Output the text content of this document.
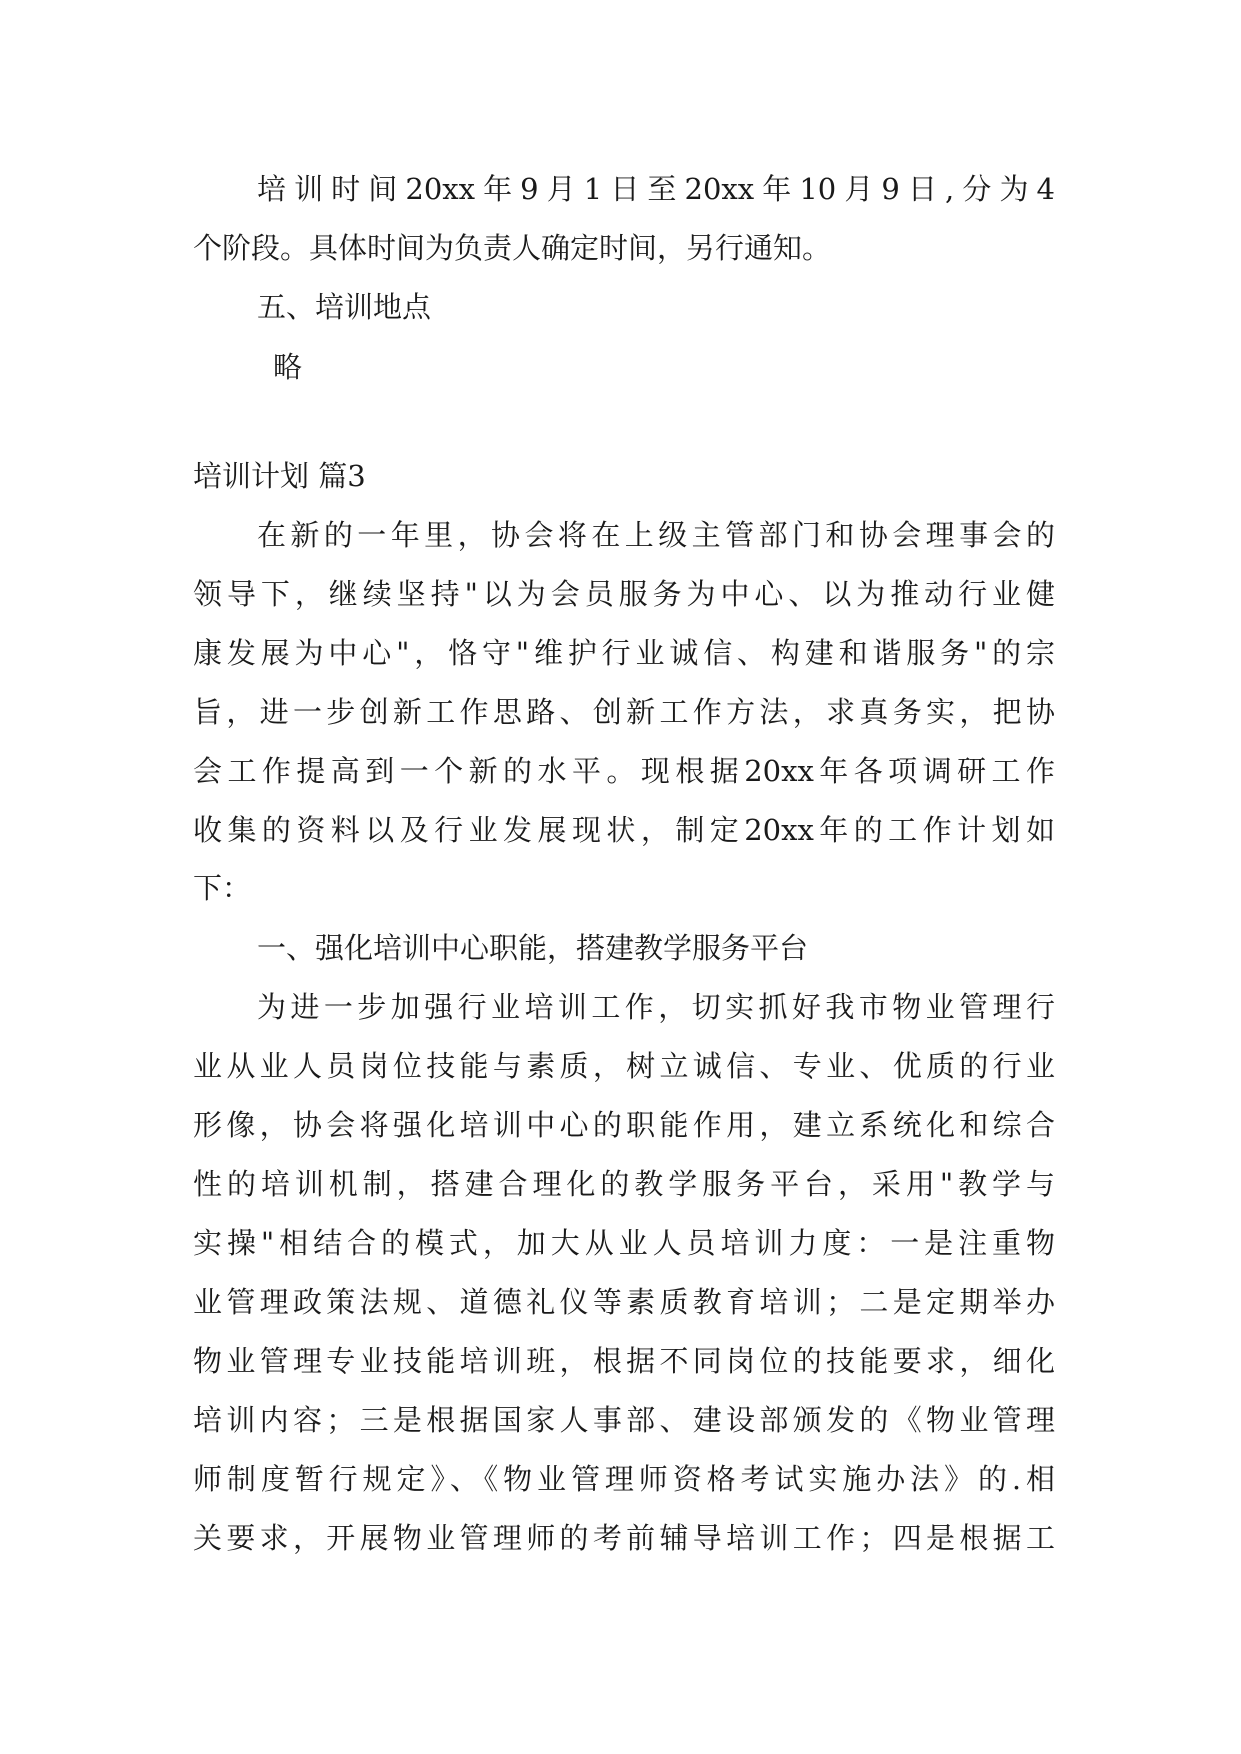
培训时间20xx年9月1日至20xx年10月9日,分为4
个阶段。具体时间为负责人确定时间，另行通知。
五、培训地点
略
培训计划 篇3
在新的一年里，协会将在上级主管部门和协会理事会的
领导下，继续坚持"以为会员服务为中心、以为推动行业健
康发展为中心"，恪守"维护行业诚信、构建和谐服务"的宗
旨，进一步创新工作思路、创新工作方法，求真务实，把协
会工作提高到一个新的水平。现根据20xx年各项调研工作
收集的资料以及行业发展现状，制定20xx年的工作计划如
下：
一、强化培训中心职能，搭建教学服务平台
为进一步加强行业培训工作，切实抓好我市物业管理行
业从业人员岗位技能与素质，树立诚信、专业、优质的行业
形像，协会将强化培训中心的职能作用，建立系统化和综合
性的培训机制，搭建合理化的教学服务平台，采用"教学与
实操"相结合的模式，加大从业人员培训力度：一是注重物
业管理政策法规、道德礼仪等素质教育培训；二是定期举办
物业管理专业技能培训班，根据不同岗位的技能要求，细化
培训内容；三是根据国家人事部、建设部颁发的《物业管理
师制度暂行规定》、《物业管理师资格考试实施办法》的.相
关要求，开展物业管理师的考前辅导培训工作；四是根据工
